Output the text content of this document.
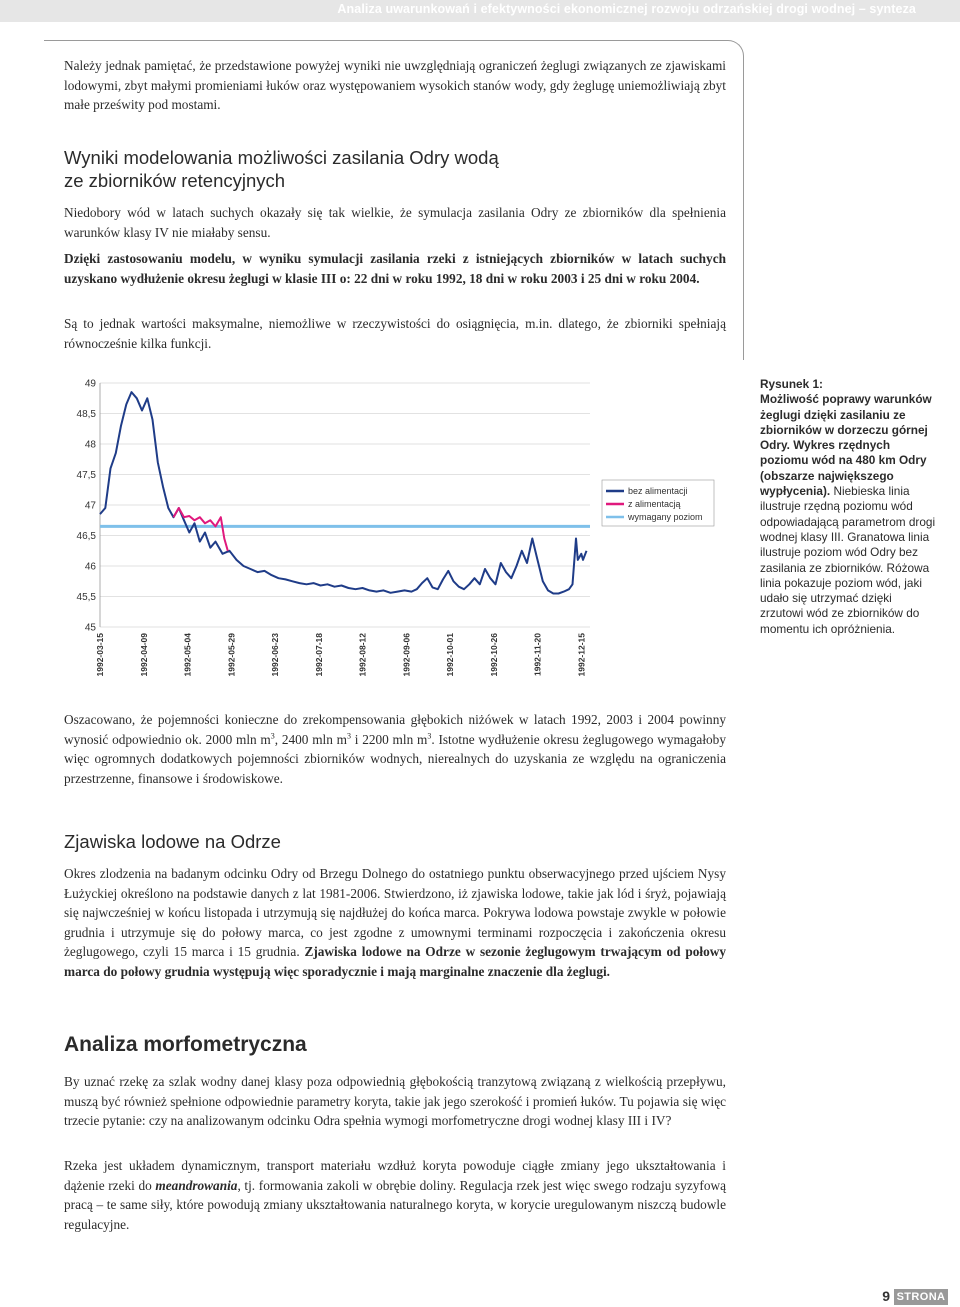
Analiza uwarunkowań i efektywności ekonomicznej rozwoju odrzańskiej drogi wodnej – synteza

Należy jednak pamiętać, że przedstawione powyżej wyniki nie uwzględniają ograniczeń żeglugi związanych ze zjawiskami lodowymi, zbyt małymi promieniami łuków oraz występowaniem wysokich stanów wody, gdy żeglugę uniemożliwiają zbyt małe prześwity pod mostami.

Wyniki modelowania możliwości zasilania Odry wodą
ze zbiorników retencyjnych

Niedobory wód w latach suchych okazały się tak wielkie, że symulacja zasilania Odry ze zbiorników dla spełnienia warunków klasy IV nie miałaby sensu.

Dzięki zastosowaniu modelu, w wyniku symulacji zasilania rzeki z istniejących zbiorników w latach suchych uzyskano wydłużenie okresu żeglugi w klasie III o: 22 dni w roku 1992, 18 dni w roku 2003 i 25 dni w roku 2004.

Są to jednak wartości maksymalne, niemożliwe w rzeczywistości do osiągnięcia, m.in. dlatego, że zbiorniki spełniają równocześnie kilka funkcji.

49
48,5
48
47,5
47
46,5
46
45,5
45
1992-03-15	1992-04-09	1992-05-04	1992-05-29	1992-06-23	1992-07-18	1992-08-12	1992-09-06	1992-10-01	1992-10-26	1992-11-20	1992-12-15
bez alimentacji
z alimentacją
wymagany poziom
Rysunek 1:
Możliwość poprawy warunków żeglugi dzięki zasilaniu ze zbiorników w dorzeczu górnej Odry. Wykres rzędnych poziomu wód na 480 km Odry (obszarze największego wypłycenia). Niebieska linia ilustruje rzędną poziomu wód odpowiadającą parametrom drogi wodnej klasy III. Granatowa linia ilustruje poziom wód Odry bez zasilania ze zbiorników. Różowa linia pokazuje poziom wód, jaki udało się utrzymać dzięki zrzutowi wód ze zbiorników do momentu ich opróżnienia.

Oszacowano, że pojemności konieczne do zrekompensowania głębokich niżówek w latach 1992, 2003 i 2004 powinny wynosić odpowiednio ok. 2000 mln $m^3$, 2400 mln $m^3$ i 2200 mln $m^3$. Istotne wydłużenie okresu żeglugowego wymagałoby więc ogromnych dodatkowych pojemności zbiorników wodnych, nierealnych do uzyskania ze względu na ograniczenia przestrzenne, finansowe i środowiskowe.

Zjawiska lodowe na Odrze

Okres zlodzenia na badanym odcinku Odry od Brzegu Dolnego do ostatniego punktu obserwacyjnego przed ujściem Nysy Łużyckiej określono na podstawie danych z lat 1981-2006. Stwierdzono, iż zjawiska lodowe, takie jak lód i śryż, pojawiają się najwcześniej w końcu listopada i utrzymują się najdłużej do końca marca. Pokrywa lodowa powstaje zwykle w połowie grudnia i utrzymuje się do połowy marca, co jest zgodne z umownymi terminami rozpoczęcia i zakończenia okresu żeglugowego, czyli 15 marca i 15 grudnia. Zjawiska lodowe na Odrze w sezonie żeglugowym trwającym od połowy marca do połowy grudnia występują więc sporadycznie i mają marginalne znaczenie dla żeglugi.

Analiza morfometryczna

By uznać rzekę za szlak wodny danej klasy poza odpowiednią głębokością tranzytową związaną z wielkością przepływu, muszą być również spełnione odpowiednie parametry koryta, takie jak jego szerokość i promień łuków. Tu pojawia się więc trzecie pytanie: czy na analizowanym odcinku Odra spełnia wymogi morfometryczne drogi wodnej klasy III i IV?

Rzeka jest układem dynamicznym, transport materiału wzdłuż koryta powoduje ciągłe zmiany jego ukształtowania i dążenie rzeki do meandrowania, tj. formowania zakoli w obrębie doliny. Regulacja rzek jest więc swego rodzaju syzyfową pracą – te same siły, które powodują zmiany ukształtowania naturalnego koryta, w korycie uregulowanym niszczą budowle regulacyjne.

9 STRONA
